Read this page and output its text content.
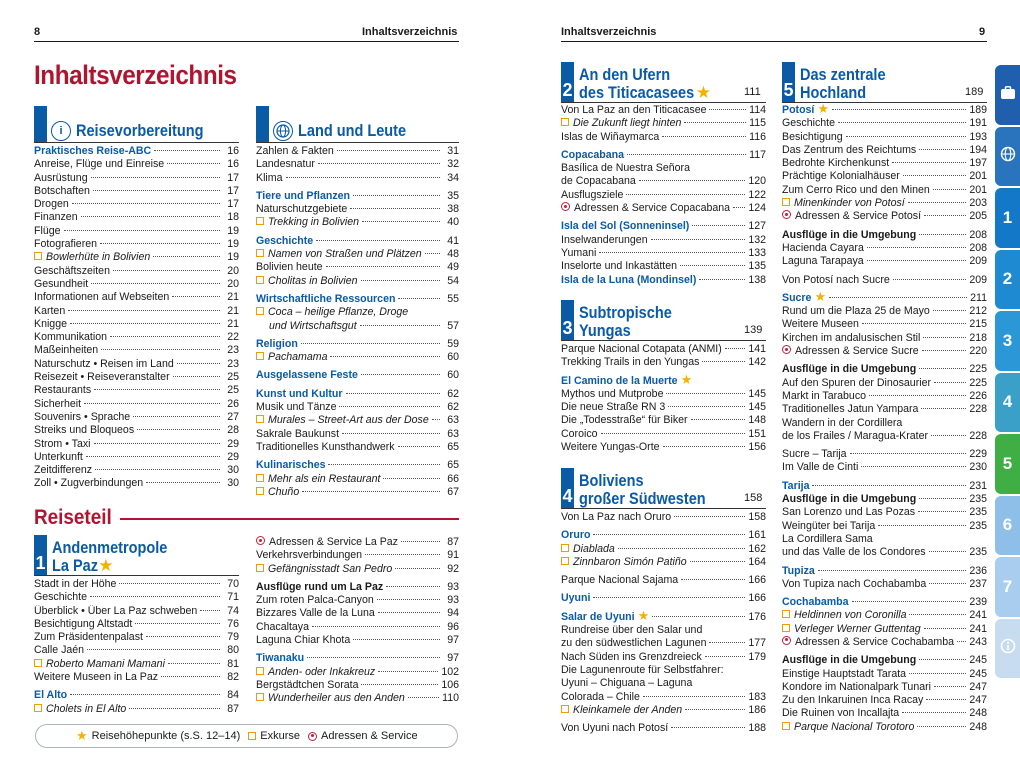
8	Inhaltsverzeichnis	Inhaltsverzeichnis	9
Inhaltsverzeichnis
i Reisevorbereitung	Land und Leute
Praktisches Reise-ABC	16
Anreise, Flüge und Einreise	16
Ausrüstung	17
Botschaften	17
Drogen	17
Finanzen	18
Flüge	19
Fotografieren	19
Bowlerhüte in Bolivien	19
Geschäftszeiten	20
Gesundheit	20
Informationen auf Webseiten	21
Karten	21
Knigge	21
Kommunikation	22
Maßeinheiten	23
Naturschutz • Reisen im Land	23
Reisezeit • Reiseveranstalter	25
Restaurants	25
Sicherheit	26
Souvenirs • Sprache	27
Streiks und Bloqueos	28
Strom • Taxi	29
Unterkunft	29
Zeitdifferenz	30
Zoll • Zugverbindungen	30
Zahlen & Fakten	31
Landesnatur	32
Klima	34
Tiere und Pflanzen	35
Naturschutzgebiete	38
Trekking in Bolivien	40
Geschichte	41
Namen von Straßen und Plätzen	48
Bolivien heute	49
Cholitas in Bolivien	54
Wirtschaftliche Ressourcen	55
Coca – heilige Pflanze, Droge
und Wirtschaftsgut	57
Religion	59
Pachamama	60
Ausgelassene Feste	60
Kunst und Kultur	62
Musik und Tänze	62
Murales – Street-Art aus der Dose	63
Sakrale Baukunst	63
Traditionelles Kunsthandwerk	65
Kulinarisches	65
Mehr als ein Restaurant	66
Chuño	67
Reiseteil
1
Andenmetropole
La Paz ★
Stadt in der Höhe	70
Geschichte	71
Überblick • Über La Paz schweben	74
Besichtigung Altstadt	76
Zum Präsidentenpalast	79
Calle Jaén	80
Roberto Mamani Mamani	81
Weitere Museen in La Paz	82
El Alto	84
Cholets in El Alto	87
Adressen & Service La Paz	87
Verkehrsverbindungen	91
Gefängnisstadt San Pedro	92
Ausflüge rund um La Paz	93
Zum roten Palca-Canyon	93
Bizzares Valle de la Luna	94
Chacaltaya	96
Laguna Chiar Khota	97
Tiwanaku	97
Anden- oder Inkakreuz	102
Bergstädtchen Sorata	106
Wunderheiler aus den Anden	110
★ Reisehöhepunkte (s.S. 12–14) Exkurse Adressen & Service
2
An den Ufern
des Titicacasees ★	111
Von La Paz an den Titicacasee	114
Die Zukunft liegt hinten	115
Islas de Wiñaymarca	116
Copacabana	117
Basílica de Nuestra Señora
de Copacabana	120
Ausflugsziele	122
Adressen & Service Copacabana 124
Isla del Sol (Sonneninsel)	127
Inselwanderungen	132
Yumani	133
Inselorte und Inkastätten	135
Isla de la Luna (Mondinsel)	138
3
Subtropische
Yungas	139
Parque Nacional Cotapata (ANMI)	141
Trekking Trails in den Yungas	142
El Camino de la Muerte ★
Mythos und Mutprobe	145
Die neue Straße RN 3	145
Die „Todesstraße“ für Biker	148
Coroico	151
Weitere Yungas-Orte	156
4
Boliviens
großer Südwesten	158
Von La Paz nach Oruro	158
Oruro	161
Diablada	162
Zinnbaron Simón Patiño	164
Parque Nacional Sajama	166
Uyuni	166
Salar de Uyuni ★	176
Rundreise über den Salar und
zu den südwestlichen Lagunen	177
Nach Süden ins Grenzdreieck	179
Die Lagunenroute für Selbstfahrer:
Uyuni – Chiguana – Laguna
Colorada – Chile	183
Kleinkamele der Anden	186
Von Uyuni nach Potosí	188
5
Das zentrale
Hochland	189
Potosí ★	189
Geschichte	191
Besichtigung	193
Das Zentrum des Reichtums	194
Bedrohte Kirchenkunst	197
Prächtige Kolonialhäuser	201
Zum Cerro Rico und den Minen	201
Minenkinder von Potosí	203
Adressen & Service Potosí	205
Ausflüge in die Umgebung	208
Hacienda Cayara	208
Laguna Tarapaya	209
Von Potosí nach Sucre	209
Sucre ★	211
Rund um die Plaza 25 de Mayo	212
Weitere Museen	215
Kirchen im andalusischen Stil	218
Adressen & Service Sucre	220
Ausflüge in die Umgebung	225
Auf den Spuren der Dinosaurier	225
Markt in Tarabuco	226
Traditionelles Jatun Yampara	228
Wandern in der Cordillera
de los Frailes / Maragua-Krater	228
Sucre – Tarija	229
Im Valle de Cinti	230
Tarija	231
Ausflüge in die Umgebung	235
San Lorenzo und Las Pozas	235
Weingüter bei Tarija	235
La Cordillera Sama
und das Valle de los Condores	235
Tupiza	236
Von Tupiza nach Cochabamba	237
Cochabamba	239
Heldinnen von Coronilla	241
Verleger Werner Guttentag	241
Adressen & Service Cochabamba 243
Ausflüge in die Umgebung	245
Einstige Hauptstadt Tarata	245
Kondore im Nationalpark Tunari	247
Zu den Inkaruinen Inca Racay	247
Die Ruinen von Incallajta	248
Parque Nacional Torotoro	248
1
2
3
4
5
6
7
